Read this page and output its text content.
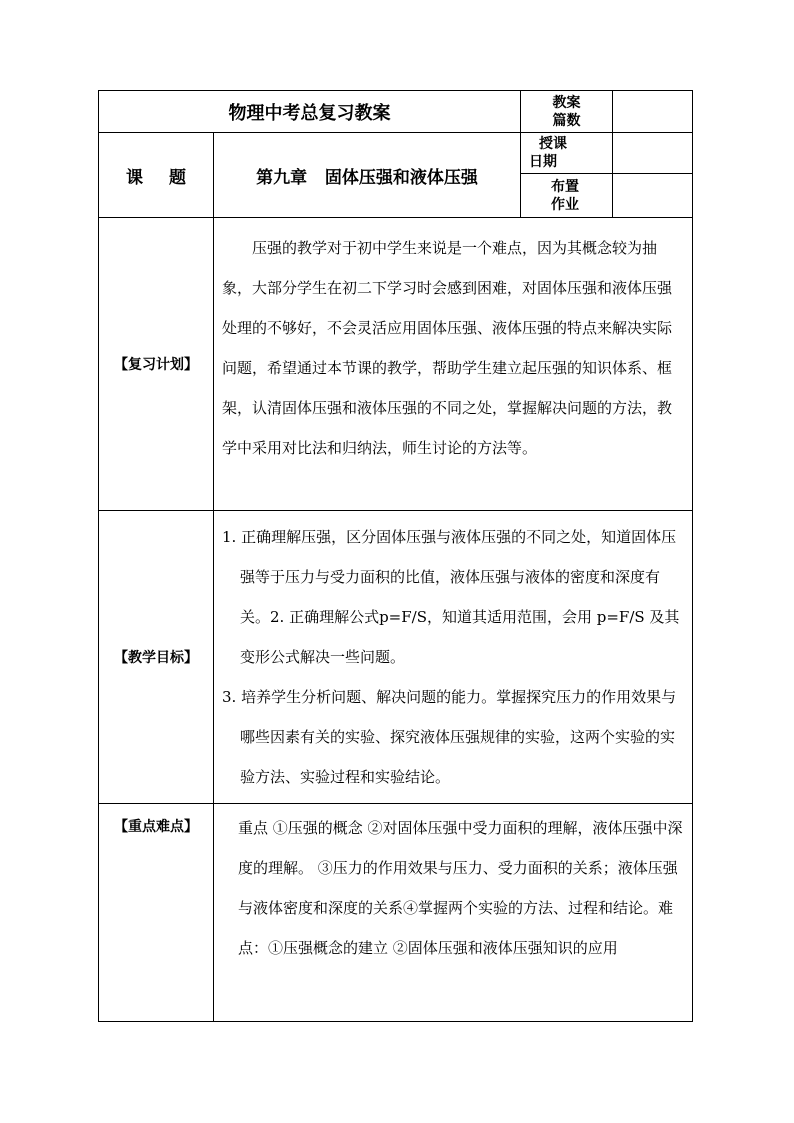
物理中考总复习教案		教案
篇数	

课 题	第九章 固体压强和液体压强	授课
日期	

		布置
作业	

【复习计划】	压强的教学对于初中学生来说是一个难点，因为其概念较为抽象，大部分学生在初二下学习时会感到困难，对固体压强和液体压强处理的不够好，不会灵活应用固体压强、液体压强的特点来解决实际问题，希望通过本节课的教学，帮助学生建立起压强的知识体系、框架，认清固体压强和液体压强的不同之处，掌握解决问题的方法，教学中采用对比法和归纳法，师生讨论的方法等。		
【教学目标】	1. 正确理解压强，区分固体压强与液体压强的不同之处，知道固体压强等于压力与受力面积的比值，液体压强与液体的密度和深度有关。2. 正确理解公式p=F/S，知道其适用范围，会用 p=F/S 及其变形公式解决一些问题。
3. 培养学生分析问题、解决问题的能力。掌握探究压力的作用效果与哪些因素有关的实验、探究液体压强规律的实验，这两个实验的实验方法、实验过程和实验结论。		

【重点难点】	重点 ①压强的概念 ②对固体压强中受力面积的理解，液体压强中深度的理解。 ③压力的作用效果与压力、受力面积的关系；液体压强与液体密度和深度的关系④掌握两个实验的方法、过程和结论。难点：①压强概念的建立 ②固体压强和液体压强知识的应用		
